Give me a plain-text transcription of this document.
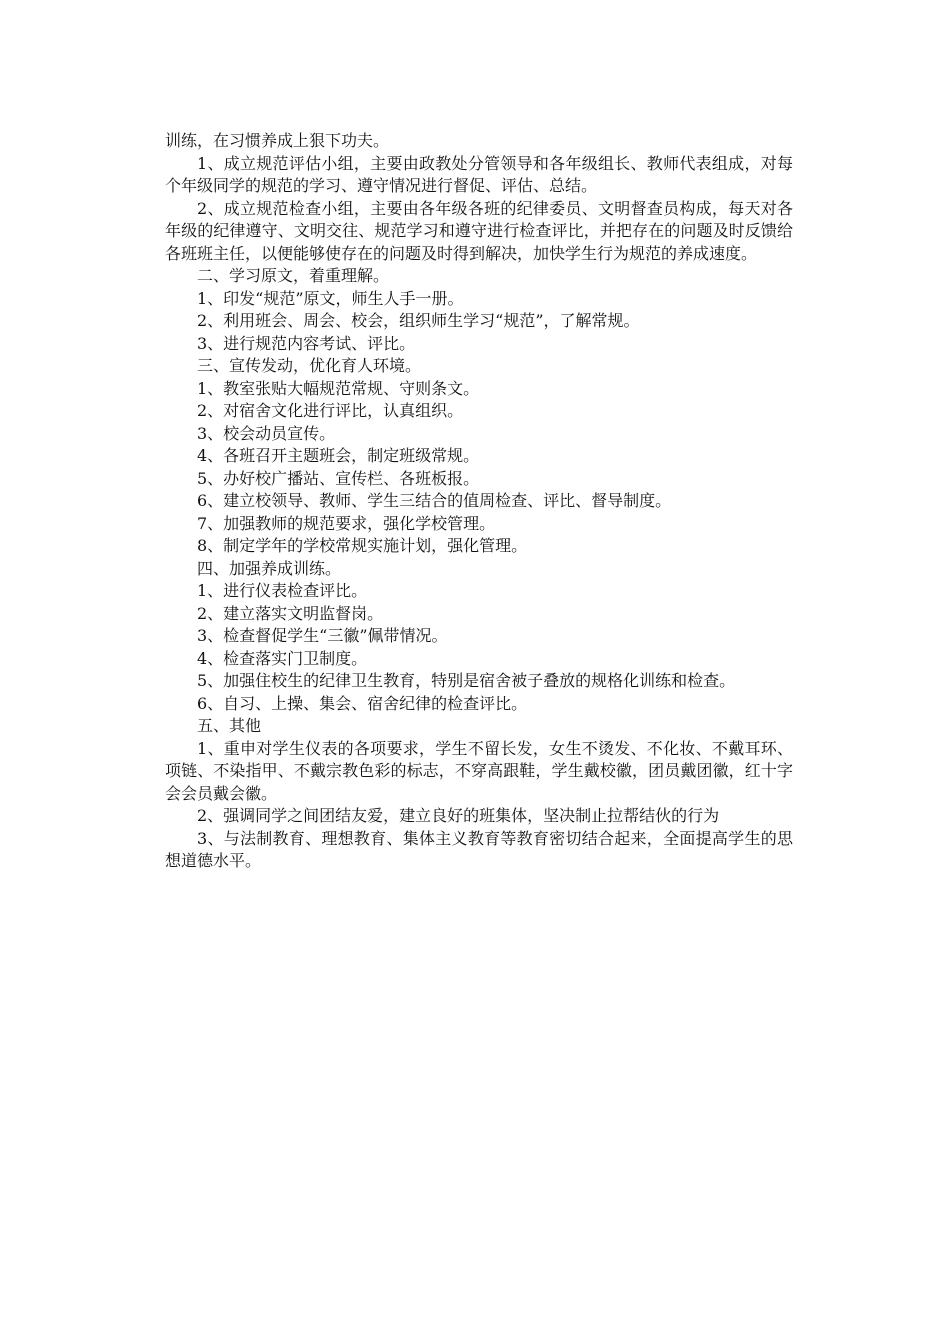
训练，在习惯养成上狠下功夫。

1、成立规范评估小组，主要由政教处分管领导和各年级组长、教师代表组成，对每个年级同学的规范的学习、遵守情况进行督促、评估、总结。

2、成立规范检查小组，主要由各年级各班的纪律委员、文明督查员构成，每天对各年级的纪律遵守、文明交往、规范学习和遵守进行检查评比，并把存在的问题及时反馈给各班班主任，以便能够使存在的问题及时得到解决，加快学生行为规范的养成速度。

二、学习原文，着重理解。

1、印发“规范”原文，师生人手一册。

2、利用班会、周会、校会，组织师生学习“规范”，了解常规。

3、进行规范内容考试、评比。

三、宣传发动，优化育人环境。

1、教室张贴大幅规范常规、守则条文。

2、对宿舍文化进行评比，认真组织。

3、校会动员宣传。

4、各班召开主题班会，制定班级常规。

5、办好校广播站、宣传栏、各班板报。

6、建立校领导、教师、学生三结合的值周检查、评比、督导制度。

7、加强教师的规范要求，强化学校管理。

8、制定学年的学校常规实施计划，强化管理。

四、加强养成训练。

1、进行仪表检查评比。

2、建立落实文明监督岗。

3、检查督促学生“三徽”佩带情况。

4、检查落实门卫制度。

5、加强住校生的纪律卫生教育，特别是宿舍被子叠放的规格化训练和检查。

6、自习、上操、集会、宿舍纪律的检查评比。

五、其他

1、重申对学生仪表的各项要求，学生不留长发，女生不烫发、不化妆、不戴耳环、项链、不染指甲、不戴宗教色彩的标志，不穿高跟鞋，学生戴校徽，团员戴团徽，红十字会会员戴会徽。

2、强调同学之间团结友爱，建立良好的班集体，坚决制止拉帮结伙的行为

3、与法制教育、理想教育、集体主义教育等教育密切结合起来，全面提高学生的思想道德水平。
